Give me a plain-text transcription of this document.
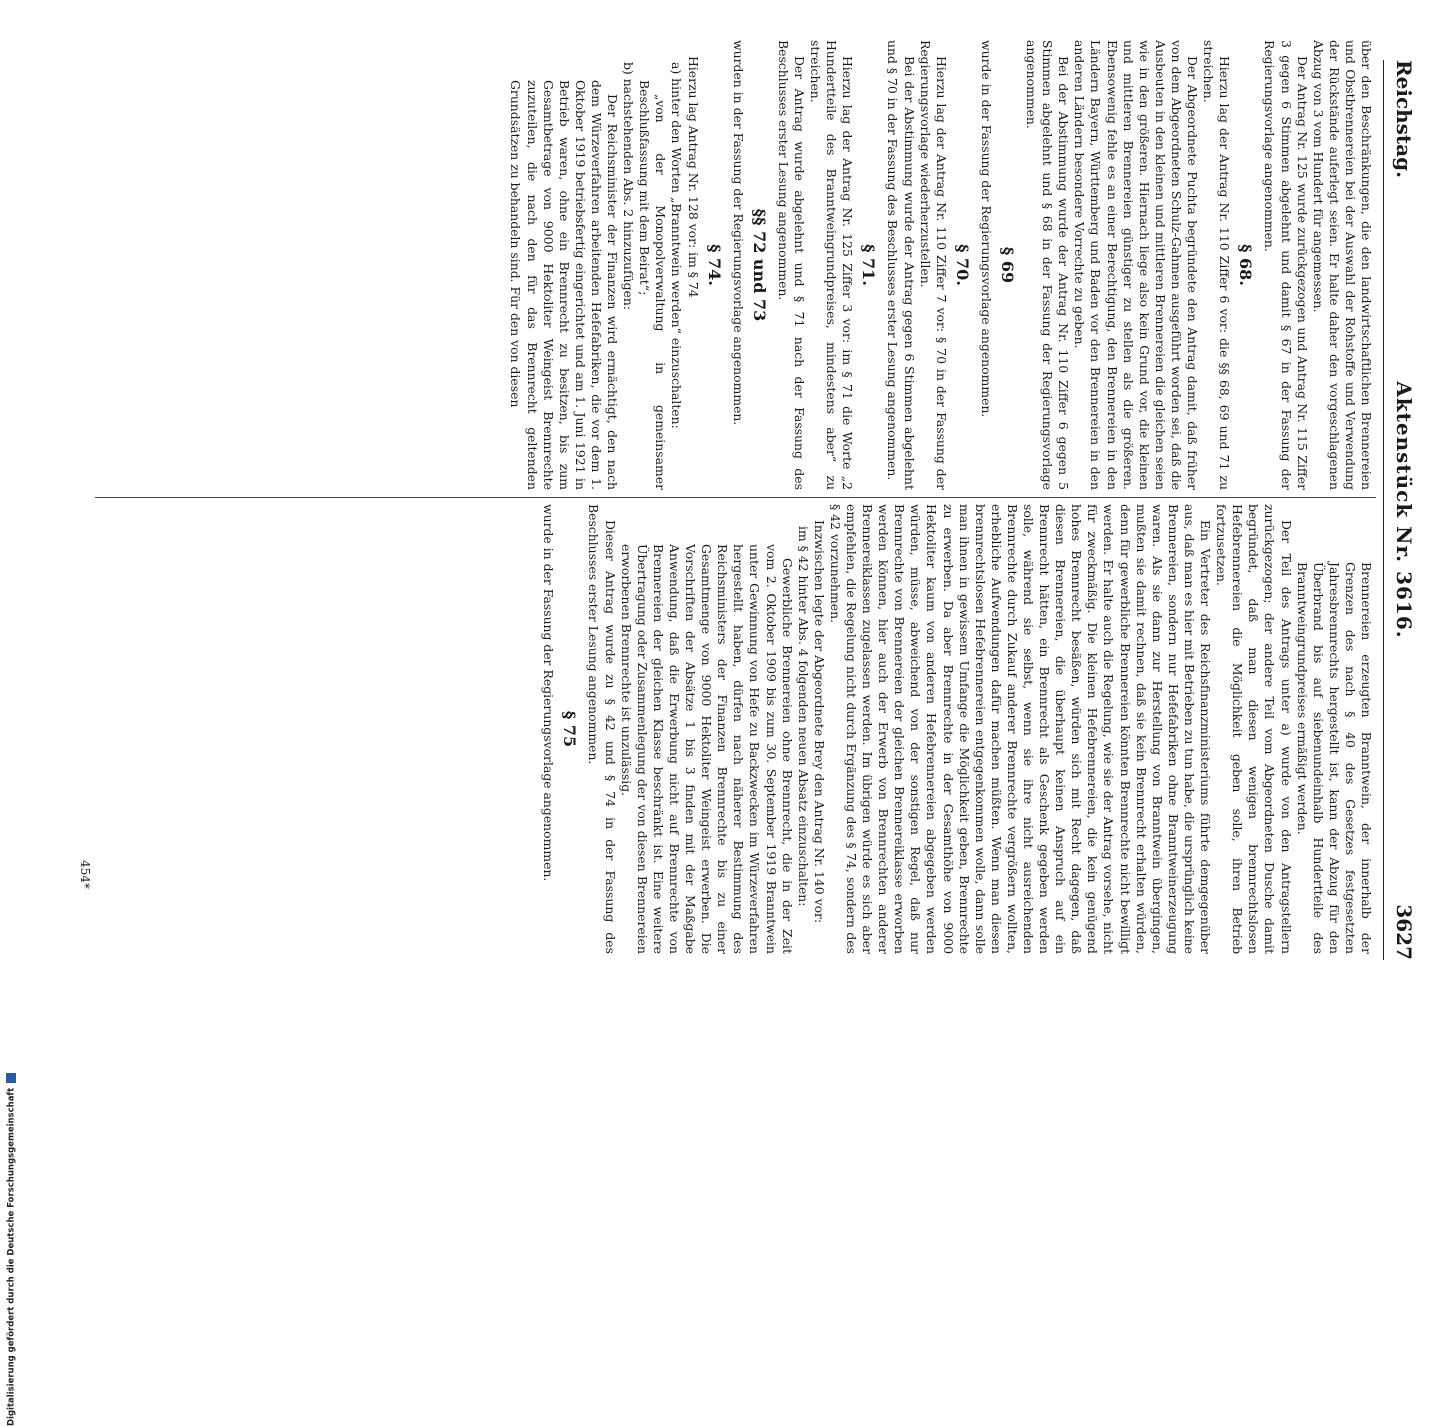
Reichstag.
Aktenstück Nr. 3616.
3627

über den Beschränkungen, die den landwirtschaftlichen Brennereien und Obstbrennereien bei der Auswahl der Rohstoffe und Verwendung der Rückstände auferlegt seien. Er halte daher den vorgeschlagenen Abzug von 3 vom Hundert für angemessen.

Der Antrag Nr. 125 wurde zurückgezogen und Antrag Nr. 115 Ziffer 3 gegen 6 Stimmen abgelehnt und damit § 67 in der Fassung der Regierungsvorlage angenommen.

§ 68.

Hierzu lag der Antrag Nr. 110 Ziffer 6 vor: die §§ 68, 69 und 71 zu streichen.

Der Abgeordnete Puchta begründete den Antrag damit, daß früher von dem Abgeordneten Schulz-Gahmen ausgeführt worden sei, daß die Ausbeuten in den kleinen und mittleren Brennereien die gleichen seien wie in den größeren. Hiernach liege also kein Grund vor, die kleinen und mittleren Brennereien günstiger zu stellen als die größeren. Ebensowenig fehle es an einer Berechtigung, den Brennereien in den Ländern Bayern, Württemberg und Baden vor den Brennereien in den anderen Ländern besondere Vorrechte zu geben.

Bei der Abstimmung wurde der Antrag Nr. 110 Ziffer 6 gegen 5 Stimmen abgelehnt und § 68 in der Fassung der Regierungsvorlage angenommen.

§ 69

wurde in der Fassung der Regierungsvorlage angenommen.

§ 70.

Hierzu lag der Antrag Nr. 110 Ziffer 7 vor: § 70 in der Fassung der Regierungsvorlage wiederherzustellen.

Bei der Abstimmung wurde der Antrag gegen 6 Stimmen abgelehnt und § 70 in der Fassung des Beschlusses erster Lesung angenommen.

§ 71.

Hierzu lag der Antrag Nr. 125 Ziffer 3 vor: im § 71 die Worte „2 Hundertteile des Branntweingrundpreises, mindestens aber“ zu streichen.

Der Antrag wurde abgelehnt und § 71 nach der Fassung des Beschlusses erster Lesung angenommen.

§§ 72 und 73

wurden in der Fassung der Regierungsvorlage angenommen.

§ 74.

Hierzu lag Antrag Nr. 128 vor: im § 74

a) hinter den Worten „Branntwein werden“ einzuschalten:

„von der Monopolverwaltung in gemeinsamer Beschlußfassung mit dem Beirat“;

b) nachstehenden Abs. 2 hinzuzufügen:

Der Reichsminister der Finanzen wird ermächtigt, den nach dem Würzeverfahren arbeitenden Hefefabriken, die vor dem 1. Oktober 1919 betriebsfertig eingerichtet und am 1. Juni 1921 in Betrieb waren, ohne ein Brennrecht zu besitzen, bis zum Gesamtbetrage von 9000 Hektoliter Weingeist Brennrechte zuzuteilen, die nach den für das Brennrecht geltenden Grundsätzen zu behandeln sind. Für den von diesen

Brennereien erzeugten Branntwein, der innerhalb der Grenzen des nach § 40 des Gesetzes festgesetzten Jahresbrennrechts hergestellt ist, kann der Abzug für den Überbrand bis auf siebenundeinhalb Hundertteile des Branntweingrundpreises ermäßigt werden.

Der Teil des Antrags unter a) wurde von den Antragstellern zurückgezogen; der andere Teil vom Abgeordneten Dusche damit begründet, daß man diesen wenigen brennrechtslosen Hefebrennereien die Möglichkeit geben solle, ihren Betrieb fortzusetzen.

Ein Vertreter des Reichsfinanzministeriums führte demgegenüber aus, daß man es hier mit Betrieben zu tun habe, die ursprünglich keine Brennereien, sondern nur Hefefabriken ohne Branntweinerzeugung waren. Als sie dann zur Herstellung von Branntwein übergingen, mußten sie damit rechnen, daß sie kein Brennrecht erhalten würden, denn für gewerbliche Brennereien könnten Brennrechte nicht bewilligt werden. Er halte auch die Regelung, wie sie der Antrag vorsehe, nicht für zweckmäßig. Die kleinen Hefebrennereien, die kein genügend hohes Brennrecht besäßen, würden sich mit Recht dagegen, daß diesen Brennereien, die überhaupt keinen Anspruch auf ein Brennrecht hätten, ein Brennrecht als Geschenk gegeben werden solle, während sie selbst, wenn sie ihre nicht ausreichenden Brennrechte durch Zukauf anderer Brennrechte vergrößern wollten, erhebliche Aufwendungen dafür machen müßten. Wenn man diesen brennrechtslosen Hefebrennereien entgegenkommen wolle, dann solle man ihnen in gewissem Umfange die Möglichkeit geben, Brennrechte zu erwerben. Da aber Brennrechte in der Gesamthöhe von 9000 Hektoliter kaum von anderen Hefebrennereien abgegeben werden würden, müsse, abweichend von der sonstigen Regel, daß nur Brennrechte von Brennereien der gleichen Brennereiklasse erworben werden können, hier auch der Erwerb von Brennrechten anderer Brennereiklassen zugelassen werden. Im übrigen würde es sich aber empfehlen, die Regelung nicht durch Ergänzung des § 74, sondern des § 42 vorzunehmen.

Inzwischen legte der Abgeordnete Brey den Antrag Nr. 140 vor:

im § 42 hinter Abs. 4 folgenden neuen Absatz einzuschalten:

Gewerbliche Brennereien ohne Brennrecht, die in der Zeit vom 2. Oktober 1909 bis zum 30. September 1919 Branntwein unter Gewinnung von Hefe zu Backzwecken im Würzeverfahren hergestellt haben, dürfen nach näherer Bestimmung des Reichsministers der Finanzen Brennrechte bis zu einer Gesamtmenge von 9000 Hektoliter Weingeist erwerben. Die Vorschriften der Absätze 1 bis 3 finden mit der Maßgabe Anwendung, daß die Erwerbung nicht auf Brennrechte von Brennereien der gleichen Klasse beschränkt ist. Eine weitere Übertragung oder Zusammenlegung der von diesen Brennereien erworbenen Brennrechte ist unzulässig.

Dieser Antrag wurde zu § 42 und § 74 in der Fassung des Beschlusses erster Lesung angenommen.

§ 75

wurde in der Fassung der Regierungsvorlage angenommen.

454*
Digitalisierung gefördert durch die Deutsche Forschungsgemeinschaft
